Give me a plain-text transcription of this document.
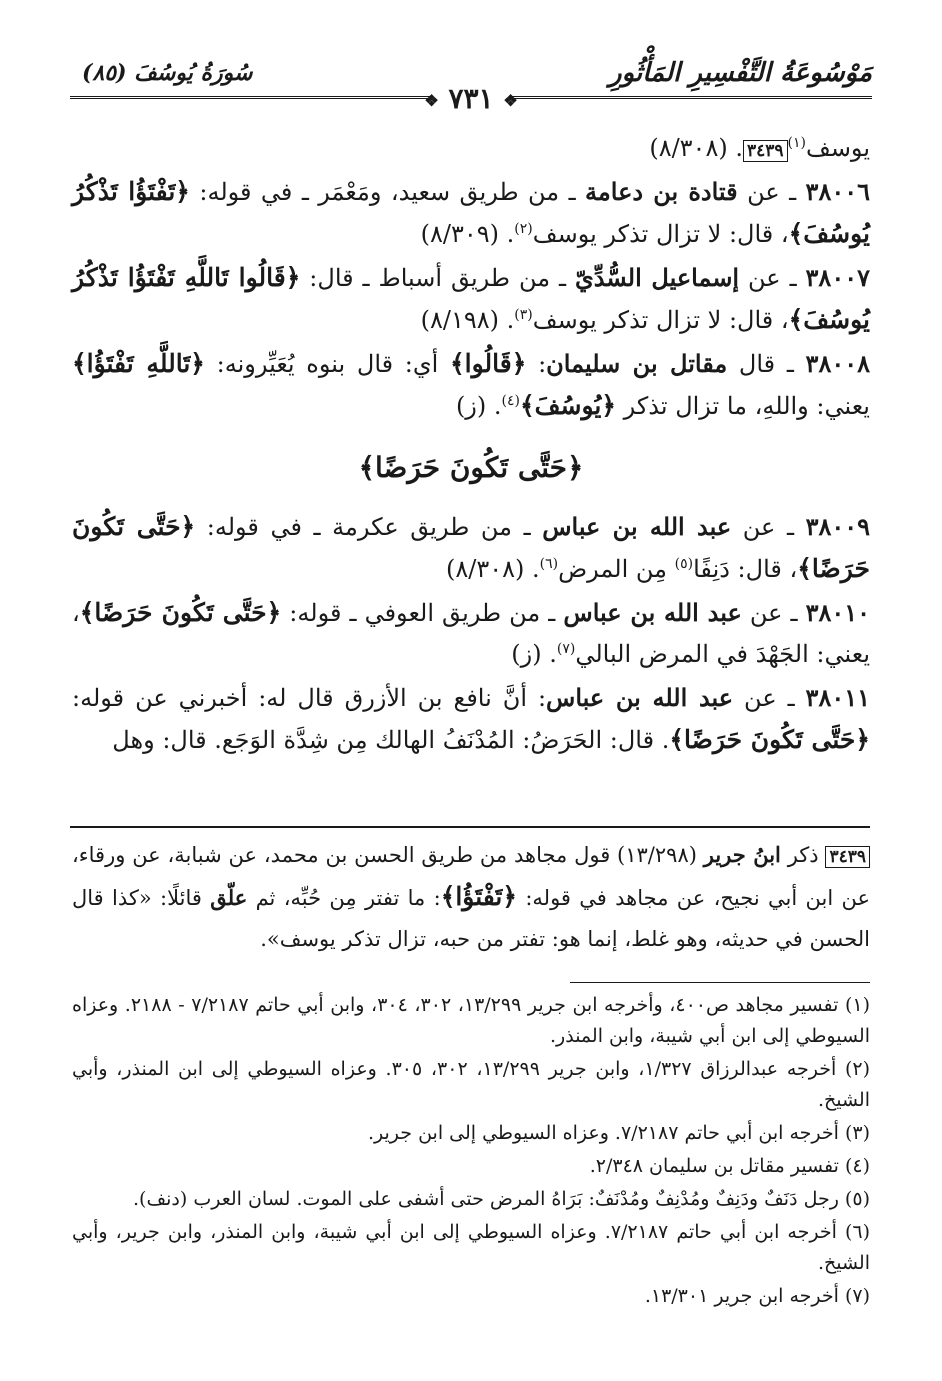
مَوْسُوعَةُ التَّفْسِيرِ المَأْثُورِ
سُورَةُ يُوسُفَ (٨٥)
❖ ٧٣١ ❖

يوسف$^{(١)}$٣٤٣٩. (٨/٣٠٨)

٣٨٠٠٦ ـ عن قتادة بن دعامة ـ من طريق سعيد، ومَعْمَر ـ في قوله: ﴿تَفْتَؤُا تَذْكُرُ يُوسُفَ﴾، قال: لا تزال تذكر يوسف$^{(٢)}$. (٨/٣٠٩)

٣٨٠٠٧ ـ عن إسماعيل السُّدِّيّ ـ من طريق أسباط ـ قال: ﴿قَالُوا تَاللَّهِ تَفْتَؤُا تَذْكُرُ يُوسُفَ﴾، قال: لا تزال تذكر يوسف$^{(٣)}$. (٨/١٩٨)

٣٨٠٠٨ ـ قال مقاتل بن سليمان: ﴿قَالُوا﴾ أي: قال بنوه يُعَيِّرونه: ﴿تَاللَّهِ تَفْتَؤُا﴾ يعني: واللهِ، ما تزال تذكر ﴿يُوسُفَ﴾$^{(٤)}$. (ز)

﴿حَتَّى تَكُونَ حَرَضًا﴾

٣٨٠٠٩ ـ عن عبد الله بن عباس ـ من طريق عكرمة ـ في قوله: ﴿حَتَّى تَكُونَ حَرَضًا﴾، قال: دَنِفًا$^{(٥)}$ مِن المرض$^{(٦)}$. (٨/٣٠٨)

٣٨٠١٠ ـ عن عبد الله بن عباس ـ من طريق العوفي ـ قوله: ﴿حَتَّى تَكُونَ حَرَضًا﴾، يعني: الجَهْدَ في المرض البالي$^{(٧)}$. (ز)

٣٨٠١١ ـ عن عبد الله بن عباس: أنَّ نافع بن الأزرق قال له: أخبرني عن قوله: ﴿حَتَّى تَكُونَ حَرَضًا﴾. قال: الحَرَضُ: المُدْنَفُ الهالك مِن شِدَّة الوَجَع. قال: وهل

٣٤٣٩ ذكر ابنُ جرير (١٣/٢٩٨) قول مجاهد من طريق الحسن بن محمد، عن شبابة، عن ورقاء، عن ابن أبي نجيح، عن مجاهد في قوله: ﴿تَفْتَؤُا﴾: ما تفتر مِن حُبِّه، ثم علّق قائلًا: «كذا قال الحسن في حديثه، وهو غلط، إنما هو: تفتر من حبه، تزال تذكر يوسف».

(١) تفسير مجاهد ص٤٠٠، وأخرجه ابن جرير ١٣/٢٩٩، ٣٠٢، ٣٠٤، وابن أبي حاتم ٧/٢١٨٧ - ٢١٨٨. وعزاه السيوطي إلى ابن أبي شيبة، وابن المنذر.

(٢) أخرجه عبدالرزاق ١/٣٢٧، وابن جرير ١٣/٢٩٩، ٣٠٢، ٣٠٥. وعزاه السيوطي إلى ابن المنذر، وأبي الشيخ.

(٣) أخرجه ابن أبي حاتم ٧/٢١٨٧. وعزاه السيوطي إلى ابن جرير.

(٤) تفسير مقاتل بن سليمان ٢/٣٤٨.

(٥) رجل دَنَفٌ ودَنِفٌ ومُدْنِفٌ ومُدْنَفٌ: بَرَاهُ المرض حتى أشفى على الموت. لسان العرب (دنف).

(٦) أخرجه ابن أبي حاتم ٧/٢١٨٧. وعزاه السيوطي إلى ابن أبي شيبة، وابن المنذر، وابن جرير، وأبي الشيخ.

(٧) أخرجه ابن جرير ١٣/٣٠١.
